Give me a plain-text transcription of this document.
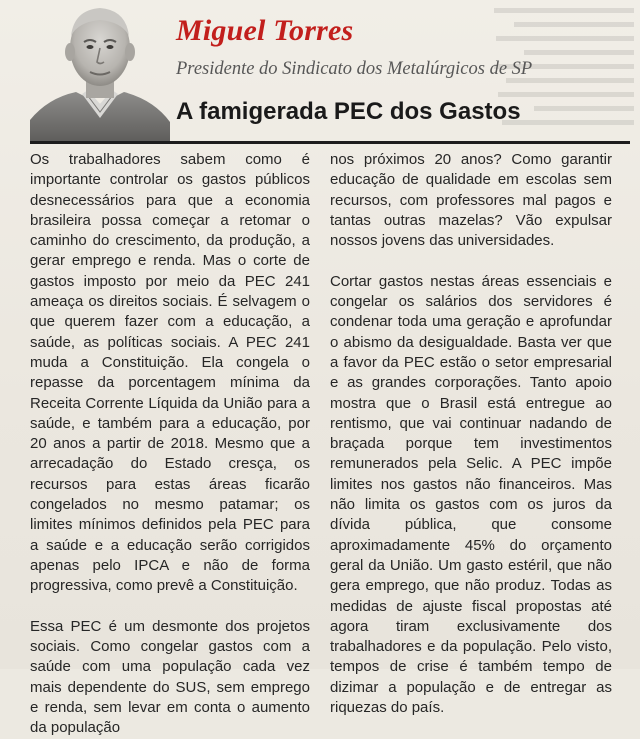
Miguel Torres
Presidente do Sindicato dos Metalúrgicos de SP
A famigerada PEC dos Gastos

Os trabalhadores sabem como é importante controlar os gastos públicos desnecessários para que a economia brasileira possa começar a retomar o caminho do crescimento, da produção, a gerar emprego e renda. Mas o corte de gastos imposto por meio da PEC 241 ameaça os direitos sociais. É selvagem o que querem fazer com a educação, a saúde, as políticas sociais. A PEC 241 muda a Constituição. Ela congela o repasse da porcentagem mínima da Receita Corrente Líquida da União para a saúde, e também para a educação, por 20 anos a partir de 2018. Mesmo que a arrecadação do Estado cresça, os recursos para estas áreas ficarão congelados no mesmo patamar; os limites mínimos definidos pela PEC para a saúde e a educação serão corrigidos apenas pelo IPCA e não de forma progressiva, como prevê a Constituição.

Essa PEC é um desmonte dos projetos sociais. Como congelar gastos com a saúde com uma população cada vez mais dependente do SUS, sem emprego e renda, sem levar em conta o aumento da população

nos próximos 20 anos? Como garantir educação de qualidade em escolas sem recursos, com professores mal pagos e tantas outras mazelas? Vão expulsar nossos jovens das universidades.

Cortar gastos nestas áreas essenciais e congelar os salários dos servidores é condenar toda uma geração e aprofundar o abismo da desigualdade. Basta ver que a favor da PEC estão o setor empresarial e as grandes corporações. Tanto apoio mostra que o Brasil está entregue ao rentismo, que vai continuar nadando de braçada porque tem investimentos remunerados pela Selic. A PEC impõe limites nos gastos não financeiros. Mas não limita os gastos com os juros da dívida pública, que consome aproximadamente 45% do orçamento geral da União. Um gasto estéril, que não gera emprego, que não produz. Todas as medidas de ajuste fiscal propostas até agora tiram exclusivamente dos trabalhadores e da população. Pelo visto, tempos de crise é também tempo de dizimar a população e de entregar as riquezas do país.
